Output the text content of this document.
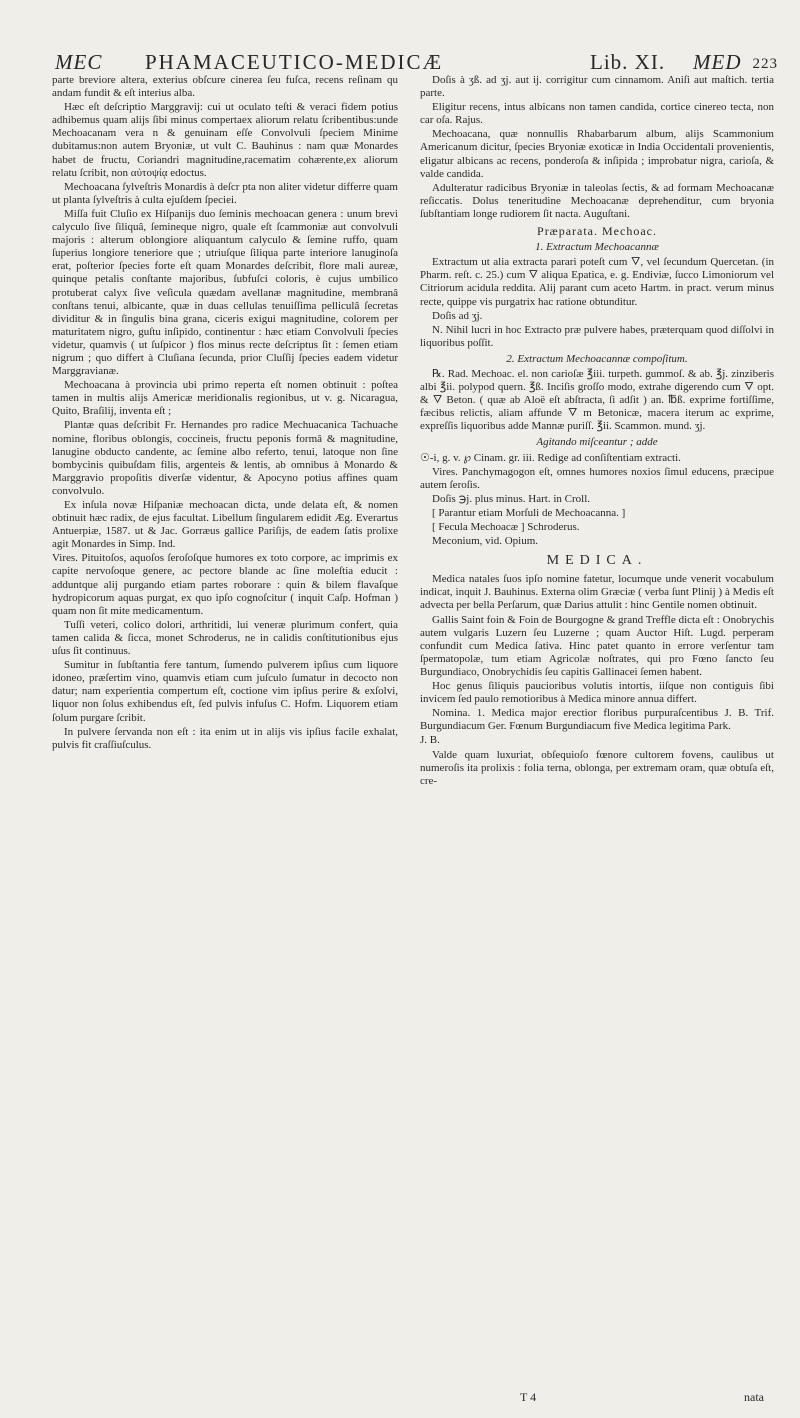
MEC PHAMACEUTICO-MEDICÆ	Lib. XI. MED 223

parte breviore altera, exterius obſcure cinerea ſeu fuſca, recens reſinam qu andam fundit & eſt interius alba.

Hæc eſt deſcriptio Marggravij: cui ut oculato teſti & veraci fidem potius adhibemus quam alijs ſibi minus compertaex aliorum relatu ſcribentibus:unde Mechoacanam vera n & genuinam eſſe Convolvuli ſpeciem Minime dubitamus:non autem Bryoniæ, ut vult C. Bauhinus : nam quæ Monardes habet de fructu, Coriandri magnitudine,racematim cohærente,ex aliorum relatu ſcribit, non αὐτοψίᾳ edoctus.

Mechoacana ſylveſtris Monardis à deſcr pta non aliter videtur differre quam ut planta ſylveſtris à culta ejuſdem ſpeciei.

Miſſa fuit Cluſio ex Hiſpanijs duo ſeminis mechoacan genera : unum brevi calyculo ſive ſiliquâ, ſemineque nigro, quale eſt ſcammoniæ aut convolvuli majoris : alterum oblongiore aliquantum calyculo & ſemine ruffo, quam ſuperius longiore teneriore que ; utriuſque ſiliqua parte interiore lanuginoſa erat, poſterior ſpecies forte eſt quam Monardes deſcribit, flore mali aureæ, quinque petalis conſtante majoribus, ſubfuſci coloris, è cujus umbilico protuberat calyx ſive veſicula quædam avellanæ magnitudine, membranâ conſtans tenui, albicante, quæ in duas cellulas tenuiſſima pelliculâ ſecretas dividitur & in ſingulis bina grana, ciceris exigui magnitudine, colorem per maturitatem nigro, guſtu inſipido, continentur : hæc etiam Convolvuli ſpecies videtur, quamvis ( ut ſuſpicor ) flos minus recte deſcriptus ſit : ſemen etiam nigrum ; quo differt à Cluſiana ſecunda, prior Cluſſij ſpecies eadem videtur Marggravianæ.

Mechoacana à provincia ubi primo reperta eſt nomen obtinuit : poſtea tamen in multis alijs Americæ meridionalis regionibus, ut v. g. Nicaragua, Quito, Braſilij, inventa eſt ;

Plantæ quas deſcribit Fr. Hernandes pro radice Mechuacanica Tachuache nomine, floribus oblongis, coccineis, fructu peponis formâ & magnitudine, lanugine obducto candente, ac ſemine albo referto, tenui, latoque non ſine bombycinis quibuſdam filis, argenteis & lentis, ab omnibus à Monardo & Marggravio propoſitis diverſæ videntur, & Apocyno potius affines quam convolvulo.

Ex inſula novæ Hiſpaniæ mechoacan dicta, unde delata eſt, & nomen obtinuit hæc radix, de ejus facultat. Libellum ſingularem edidit Æg. Everartus Antuerpiæ, 1587. ut & Jac. Gorræus gallice Pariſijs, de eadem ſatis prolixe agit Monardes in Simp. Ind.

Vires. Pituitoſos, aquoſos ſeroſoſque humores ex toto corpore, ac imprimis ex capite nervoſoque genere, ac pectore blande ac ſine moleſtia educit : adduntque alij purgando etiam partes roborare : quin & bilem flavaſque hydropicorum aquas purgat, ex quo ipſo cognoſcitur ( inquit Caſp. Hofman ) quam non ſit mite medicamentum.

Tuſſi veteri, colico dolori, arthritidi, lui veneræ plurimum confert, quia tamen calida & ſicca, monet Schroderus, ne in calidis conſtitutionibus ejus uſus ſit continuus.

Sumitur in ſubſtantia fere tantum, ſumendo pulverem ipſius cum liquore idoneo, præſertim vino, quamvis etiam cum juſculo ſumatur in decocto non datur; nam experientia compertum eſt, coctione vim ipſius perire & exſolvi, liquor non ſolus exhibendus eſt, ſed pulvis infuſus C. Hofm. Liquorem etiam ſolum purgare ſcribit.

In pulvere ſervanda non eſt : ita enim ut in alijs vis ipſius facile exhalat, pulvis fit craſſiuſculus.

Doſis à ʒß. ad ʒj. aut ij. corrigitur cum cinnamom. Aniſi aut maſtich. tertia parte.

Eligitur recens, intus albicans non tamen candida, cortice cinereo tecta, non car oſa. Rajus.

Mechoacana, quæ nonnullis Rhabarbarum album, alijs Scammonium Americanum dicitur, ſpecies Bryoniæ exoticæ in India Occidentali provenientis, eligatur albicans ac recens, ponderoſa & inſipida ; improbatur nigra, carioſa, & valde candida.

Adulteratur radicibus Bryoniæ in taleolas ſectis, & ad formam Mechoacanæ reſiccatis. Dolus teneritudine Mechoacanæ deprehenditur, cum bryonia ſubſtantiam longe rudiorem ſit nacta. Auguſtani.

Præparata. Mechoac.
1. Extractum Mechoacannæ

Extractum ut alia extracta parari poteſt cum 🜄, vel ſecundum Quercetan. (in Pharm. reſt. c. 25.) cum 🜄 aliqua Epatica, e. g. Endiviæ, ſucco Limoniorum vel Citriorum acidula reddita. Alij parant cum aceto Hartm. in pract. verum minus recte, quippe vis purgatrix hac ratione obtunditur.

Doſis ad ʒj.

N. Nihil lucri in hoc Extracto præ pulvere habes, præterquam quod diſſolvi in liquoribus poſſit.

2. Extractum Mechoacannæ compoſitum.

℞. Rad. Mechoac. el. non carioſæ ℥iii. turpeth. gummoſ. & ab. ℥j. zinziberis albi ℥ii. polypod quern. ℥ß. Inciſis groſſo modo, extrahe digerendo cum 🜄 opt. & 🜄 Beton. ( quæ ab Aloë eſt abſtracta, ſi adſit ) an. ℔ß. exprime fortiſſime, fæcibus relictis, aliam affunde 🜄 m Betonicæ, macera iterum ac exprime, expreſſis liquoribus adde Mannæ puriſſ. ℥ii. Scammon. mund. ʒj.

Agitando miſceantur ; adde

☉-i, g. v. ℘ Cinam. gr. iii. Redige ad conſiſtentiam extracti.

Vires. Panchymagogon eſt, omnes humores noxios ſimul educens, præcipue autem ſeroſis.

Doſis ℈j. plus minus. Hart. in Croll.

[ Parantur etiam Morſuli de Mechoacanna. ]

[ Fecula Mechoacæ ] Schroderus.

Meconium, vid. Opium.

MEDICA.

Medica natales ſuos ipſo nomine fatetur, locumque unde venerit vocabulum indicat, inquit J. Bauhinus. Externa olim Græciæ ( verba ſunt Plinij ) à Medis eſt advecta per bella Perſarum, quæ Darius attulit : hinc Gentile nomen obtinuit.

Gallis Saint foin & Foin de Bourgogne & grand Treffle dicta eſt : Onobrychis autem vulgaris Luzern ſeu Luzerne ; quam Auctor Hiſt. Lugd. perperam confundit cum Medica ſativa. Hinc patet quanto in errore verſentur tam ſpermatopolæ, tum etiam Agricolæ noſtrates, qui pro Fœno ſancto ſeu Burgundiaco, Onobrychidis ſeu capitis Gallinacei ſemen habent.

Hoc genus ſiliquis paucioribus volutis intortis, iiſque non contiguis ſibi invicem ſed paulo remotioribus à Medica minore annua differt.

Nomina. 1. Medica major erectior floribus purpuraſcentibus J. B. Trif. Burgundiacum Ger. Fœnum Burgundiacum five Medica legitima Park.

J. B.

Valde quam luxuriat, obſequioſo fœnore cultorem fovens, caulibus ut numeroſis ita prolixis : folia terna, oblonga, per extremam oram, quæ obtuſa eſt, cre-

T 4	nata
